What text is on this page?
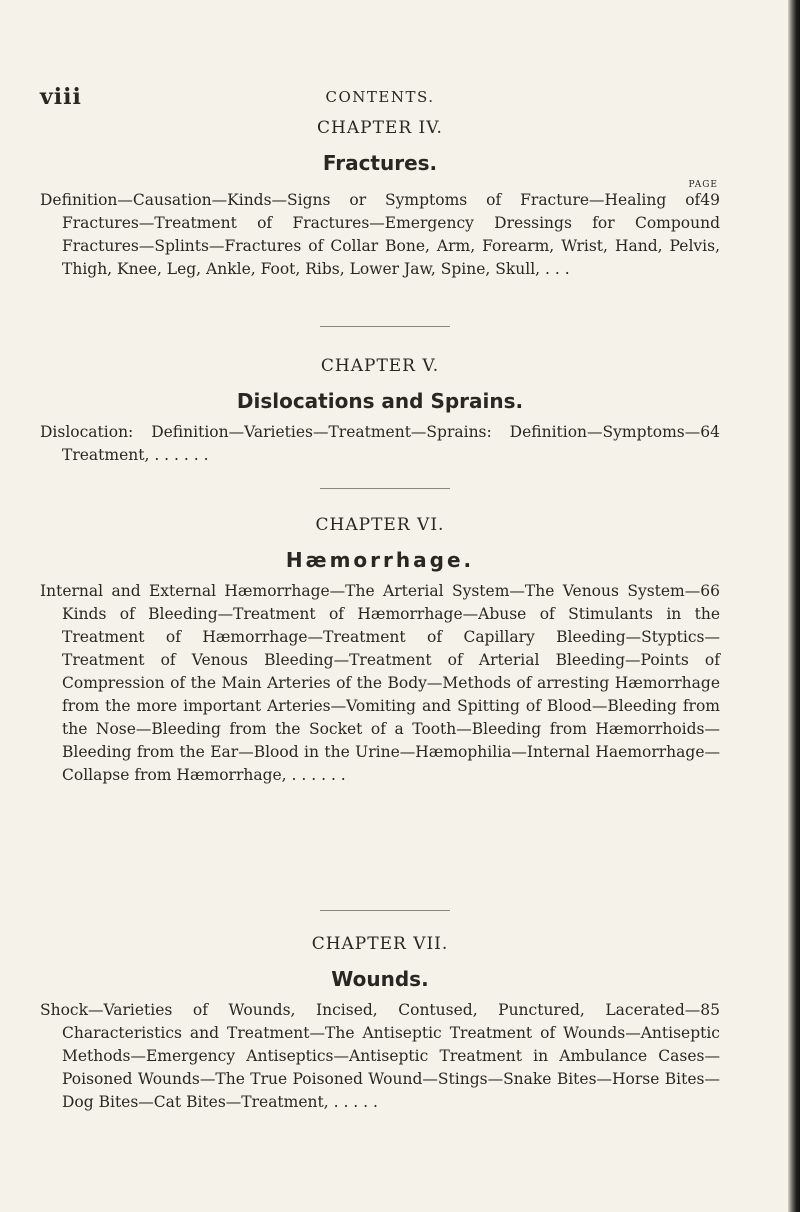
viii	CONTENTS.
CHAPTER IV.
Fractures.
PAGE
49
Definition—Causation—Kinds—Signs or Symptoms of Fracture—Healing of Fractures—Treatment of Fractures—Emergency Dressings for Compound Fractures—Splints—Fractures of Collar Bone, Arm, Forearm, Wrist, Hand, Pelvis, Thigh, Knee, Leg, Ankle, Foot, Ribs, Lower Jaw, Spine, Skull, . . .
CHAPTER V.
Dislocations and Sprains.
64
Dislocation: Definition—Varieties—Treatment—Sprains: Definition—Symptoms—Treatment, . . . . . .
CHAPTER VI.
Hæmorrhage.
66
Internal and External Hæmorrhage—The Arterial System—The Venous System—Kinds of Bleeding—Treatment of Hæmorrhage—Abuse of Stimulants in the Treatment of Hæmorrhage—Treatment of Capillary Bleeding—Styptics—Treatment of Venous Bleeding—Treatment of Arterial Bleeding—Points of Compression of the Main Arteries of the Body—Methods of arresting Hæmorrhage from the more important Arteries—Vomiting and Spitting of Blood—Bleeding from the Nose—Bleeding from the Socket of a Tooth—Bleeding from Hæmorrhoids—Bleeding from the Ear—Blood in the Urine—Hæmophilia—Internal Haemorrhage—Collapse from Hæmorrhage, . . . . . .
CHAPTER VII.
Wounds.
85
Shock—Varieties of Wounds, Incised, Contused, Punctured, Lacerated—Characteristics and Treatment—The Antiseptic Treatment of Wounds—Antiseptic Methods—Emergency Antiseptics—Antiseptic Treatment in Ambulance Cases—Poisoned Wounds—The True Poisoned Wound—Stings—Snake Bites—Horse Bites—Dog Bites—Cat Bites—Treatment, . . . . .
